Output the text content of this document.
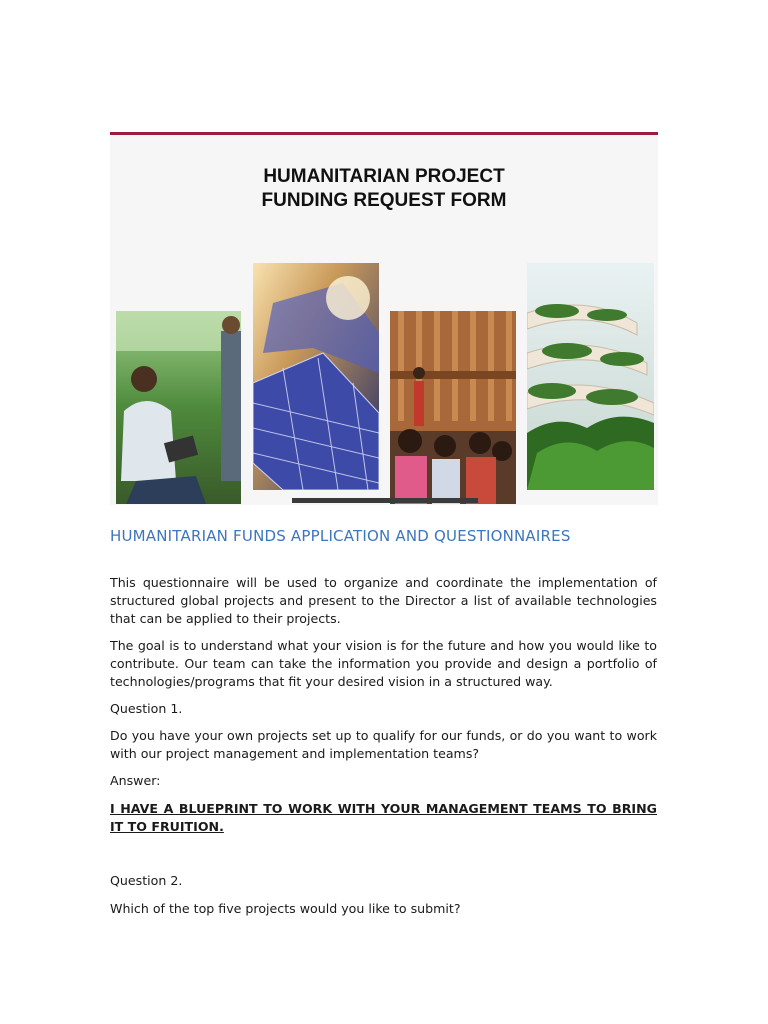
HUMANITARIAN PROJECT
FUNDING REQUEST FORM
HUMANITARIAN FUNDS APPLICATION AND QUESTIONNAIRES

This questionnaire will be used to organize and coordinate the implementation of structured global projects and present to the Director a list of available technologies that can be applied to their projects.

The goal is to understand what your vision is for the future and how you would like to contribute. Our team can take the information you provide and design a portfolio of technologies/programs that fit your desired vision in a structured way.

Question 1.

Do you have your own projects set up to qualify for our funds, or do you want to work with our project management and implementation teams?

Answer:

I HAVE A BLUEPRINT TO WORK WITH YOUR MANAGEMENT TEAMS TO BRING IT TO FRUITION.

Question 2.

Which of the top five projects would you like to submit?
